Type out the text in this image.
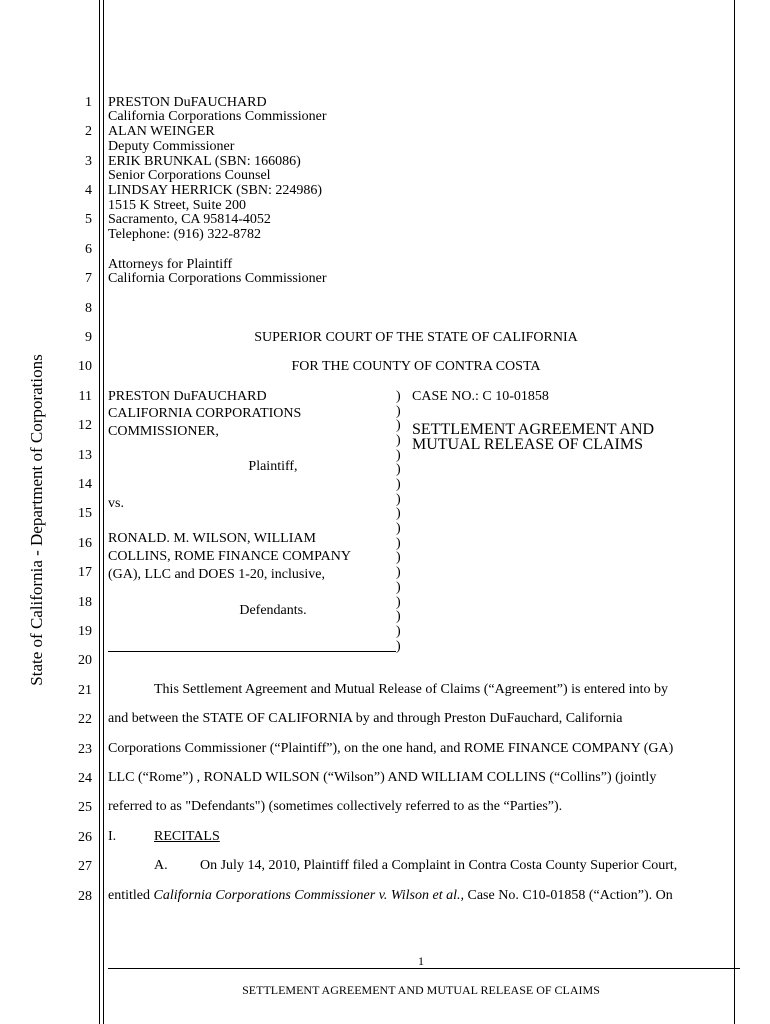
State of California - Department of Corporations
1
2
3
4
5
6
7
8
9
10
11
12
13
14
15
16
17
18
19
20
21
22
23
24
25
26
27
28
PRESTON DuFAUCHARD
California Corporations Commissioner
ALAN WEINGER
Deputy Commissioner
ERIK BRUNKAL (SBN: 166086)
Senior Corporations Counsel
LINDSAY HERRICK (SBN: 224986)
1515 K Street, Suite 200
Sacramento, CA 95814-4052
Telephone: (916) 322-8782
Attorneys for Plaintiff
California Corporations Commissioner
SUPERIOR COURT OF THE STATE OF CALIFORNIA
FOR THE COUNTY OF CONTRA COSTA
PRESTON DuFAUCHARD
CALIFORNIA CORPORATIONS
COMMISSIONER,
Plaintiff,
vs.
RONALD. M. WILSON, WILLIAM
COLLINS, ROME FINANCE COMPANY
(GA), LLC and DOES 1-20, inclusive,
Defendants.
)
)
)
)
)
)
)
)
)
)
)
)
)
)
)
)
)
)
CASE NO.: C 10-01858
SETTLEMENT AGREEMENT AND
MUTUAL RELEASE OF CLAIMS
This Settlement Agreement and Mutual Release of Claims (“Agreement”) is entered into by
and between the STATE OF CALIFORNIA by and through Preston DuFauchard, California
Corporations Commissioner (“Plaintiff”), on the one hand, and ROME FINANCE COMPANY (GA)
LLC (“Rome”) , RONALD WILSON (“Wilson”) AND WILLIAM COLLINS (“Collins”) (jointly
referred to as "Defendants") (sometimes collectively referred to as the “Parties”).
I.	RECITALS
A. On July 14, 2010, Plaintiff filed a Complaint in Contra Costa County Superior Court,
entitled California Corporations Commissioner v. Wilson et al., Case No. C10-01858 (“Action”). On
1
SETTLEMENT AGREEMENT AND MUTUAL RELEASE OF CLAIMS
